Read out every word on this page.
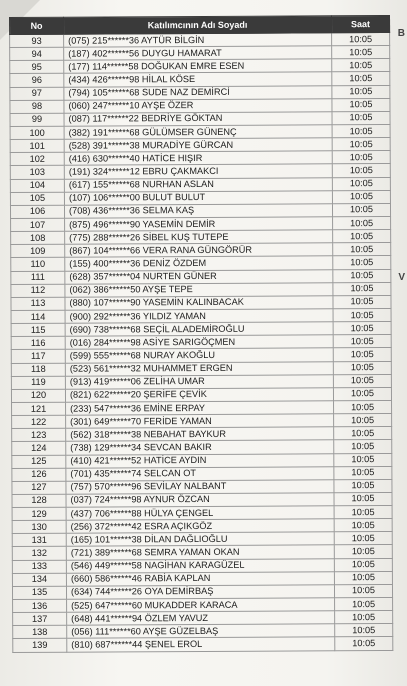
No	Katılımcının Adı Soyadı	Saat
93	(075) 215******36 AYTÜR BİLGİN	10:05
94	(187) 402******56 DUYGU HAMARAT	10:05
95	(177) 114******58 DOĞUKAN EMRE ESEN	10:05
96	(434) 426******98 HİLAL KÖSE	10:05
97	(794) 105******68 SUDE NAZ DEMİRCİ	10:05
98	(060) 247******10 AYŞE ÖZER	10:05
99	(087) 117******22 BEDRİYE GÖKTAN	10:05
100	(382) 191******68 GÜLÜMSER GÜNENÇ	10:05
101	(528) 391******38 MURADİYE GÜRCAN	10:05
102	(416) 630******40 HATİCE HIŞIR	10:05
103	(191) 324******12 EBRU ÇAKMAKCI	10:05
104	(617) 155******68 NURHAN ASLAN	10:05
105	(107) 106******00 BULUT BULUT	10:05
106	(708) 436******36 SELMA KAŞ	10:05
107	(875) 496******90 YASEMİN DEMİR	10:05
108	(775) 288******26 SİBEL KUŞ TUTEPE	10:05
109	(867) 104******66 VERA RANA GÜNGÖRÜR	10:05
110	(155) 400******36 DENİZ ÖZDEM	10:05
111	(628) 357******04 NURTEN GÜNER	10:05
112	(062) 386******50 AYŞE TEPE	10:05
113	(880) 107******90 YASEMİN KALINBACAK	10:05
114	(900) 292******36 YILDIZ YAMAN	10:05
115	(690) 738******68 SEÇİL ALADEMİROĞLU	10:05
116	(016) 284******98 ASİYE SARIGÖÇMEN	10:05
117	(599) 555******68 NURAY AKOĞLU	10:05
118	(523) 561******32 MUHAMMET ERGEN	10:05
119	(913) 419******06 ZELİHA UMAR	10:05
120	(821) 622******20 ŞERİFE ÇEVİK	10:05
121	(233) 547******36 EMİNE ERPAY	10:05
122	(301) 649******70 FERİDE YAMAN	10:05
123	(562) 318******38 NEBAHAT BAYKUR	10:05
124	(738) 129******34 SEVCAN BAKIR	10:05
125	(410) 421******52 HATİCE AYDIN	10:05
126	(701) 435******74 SELCAN OT	10:05
127	(757) 570******96 SEVİLAY NALBANT	10:05
128	(037) 724******98 AYNUR ÖZCAN	10:05
129	(437) 706******88 HÜLYA ÇENGEL	10:05
130	(256) 372******42 ESRA AÇIKGÖZ	10:05
131	(165) 101******38 DİLAN DAĞLIOĞLU	10:05
132	(721) 389******68 SEMRA YAMAN OKAN	10:05
133	(546) 449******58 NAGİHAN KARAGÜZEL	10:05
134	(660) 586******46 RABİA KAPLAN	10:05
135	(634) 744******26 OYA DEMİRBAŞ	10:05
136	(525) 647******60 MUKADDER KARACA	10:05
137	(648) 441******94 ÖZLEM YAVUZ	10:05
138	(056) 111******60 AYŞE GÜZELBAŞ	10:05
139	(810) 687******44 ŞENEL EROL	10:05
B
V
